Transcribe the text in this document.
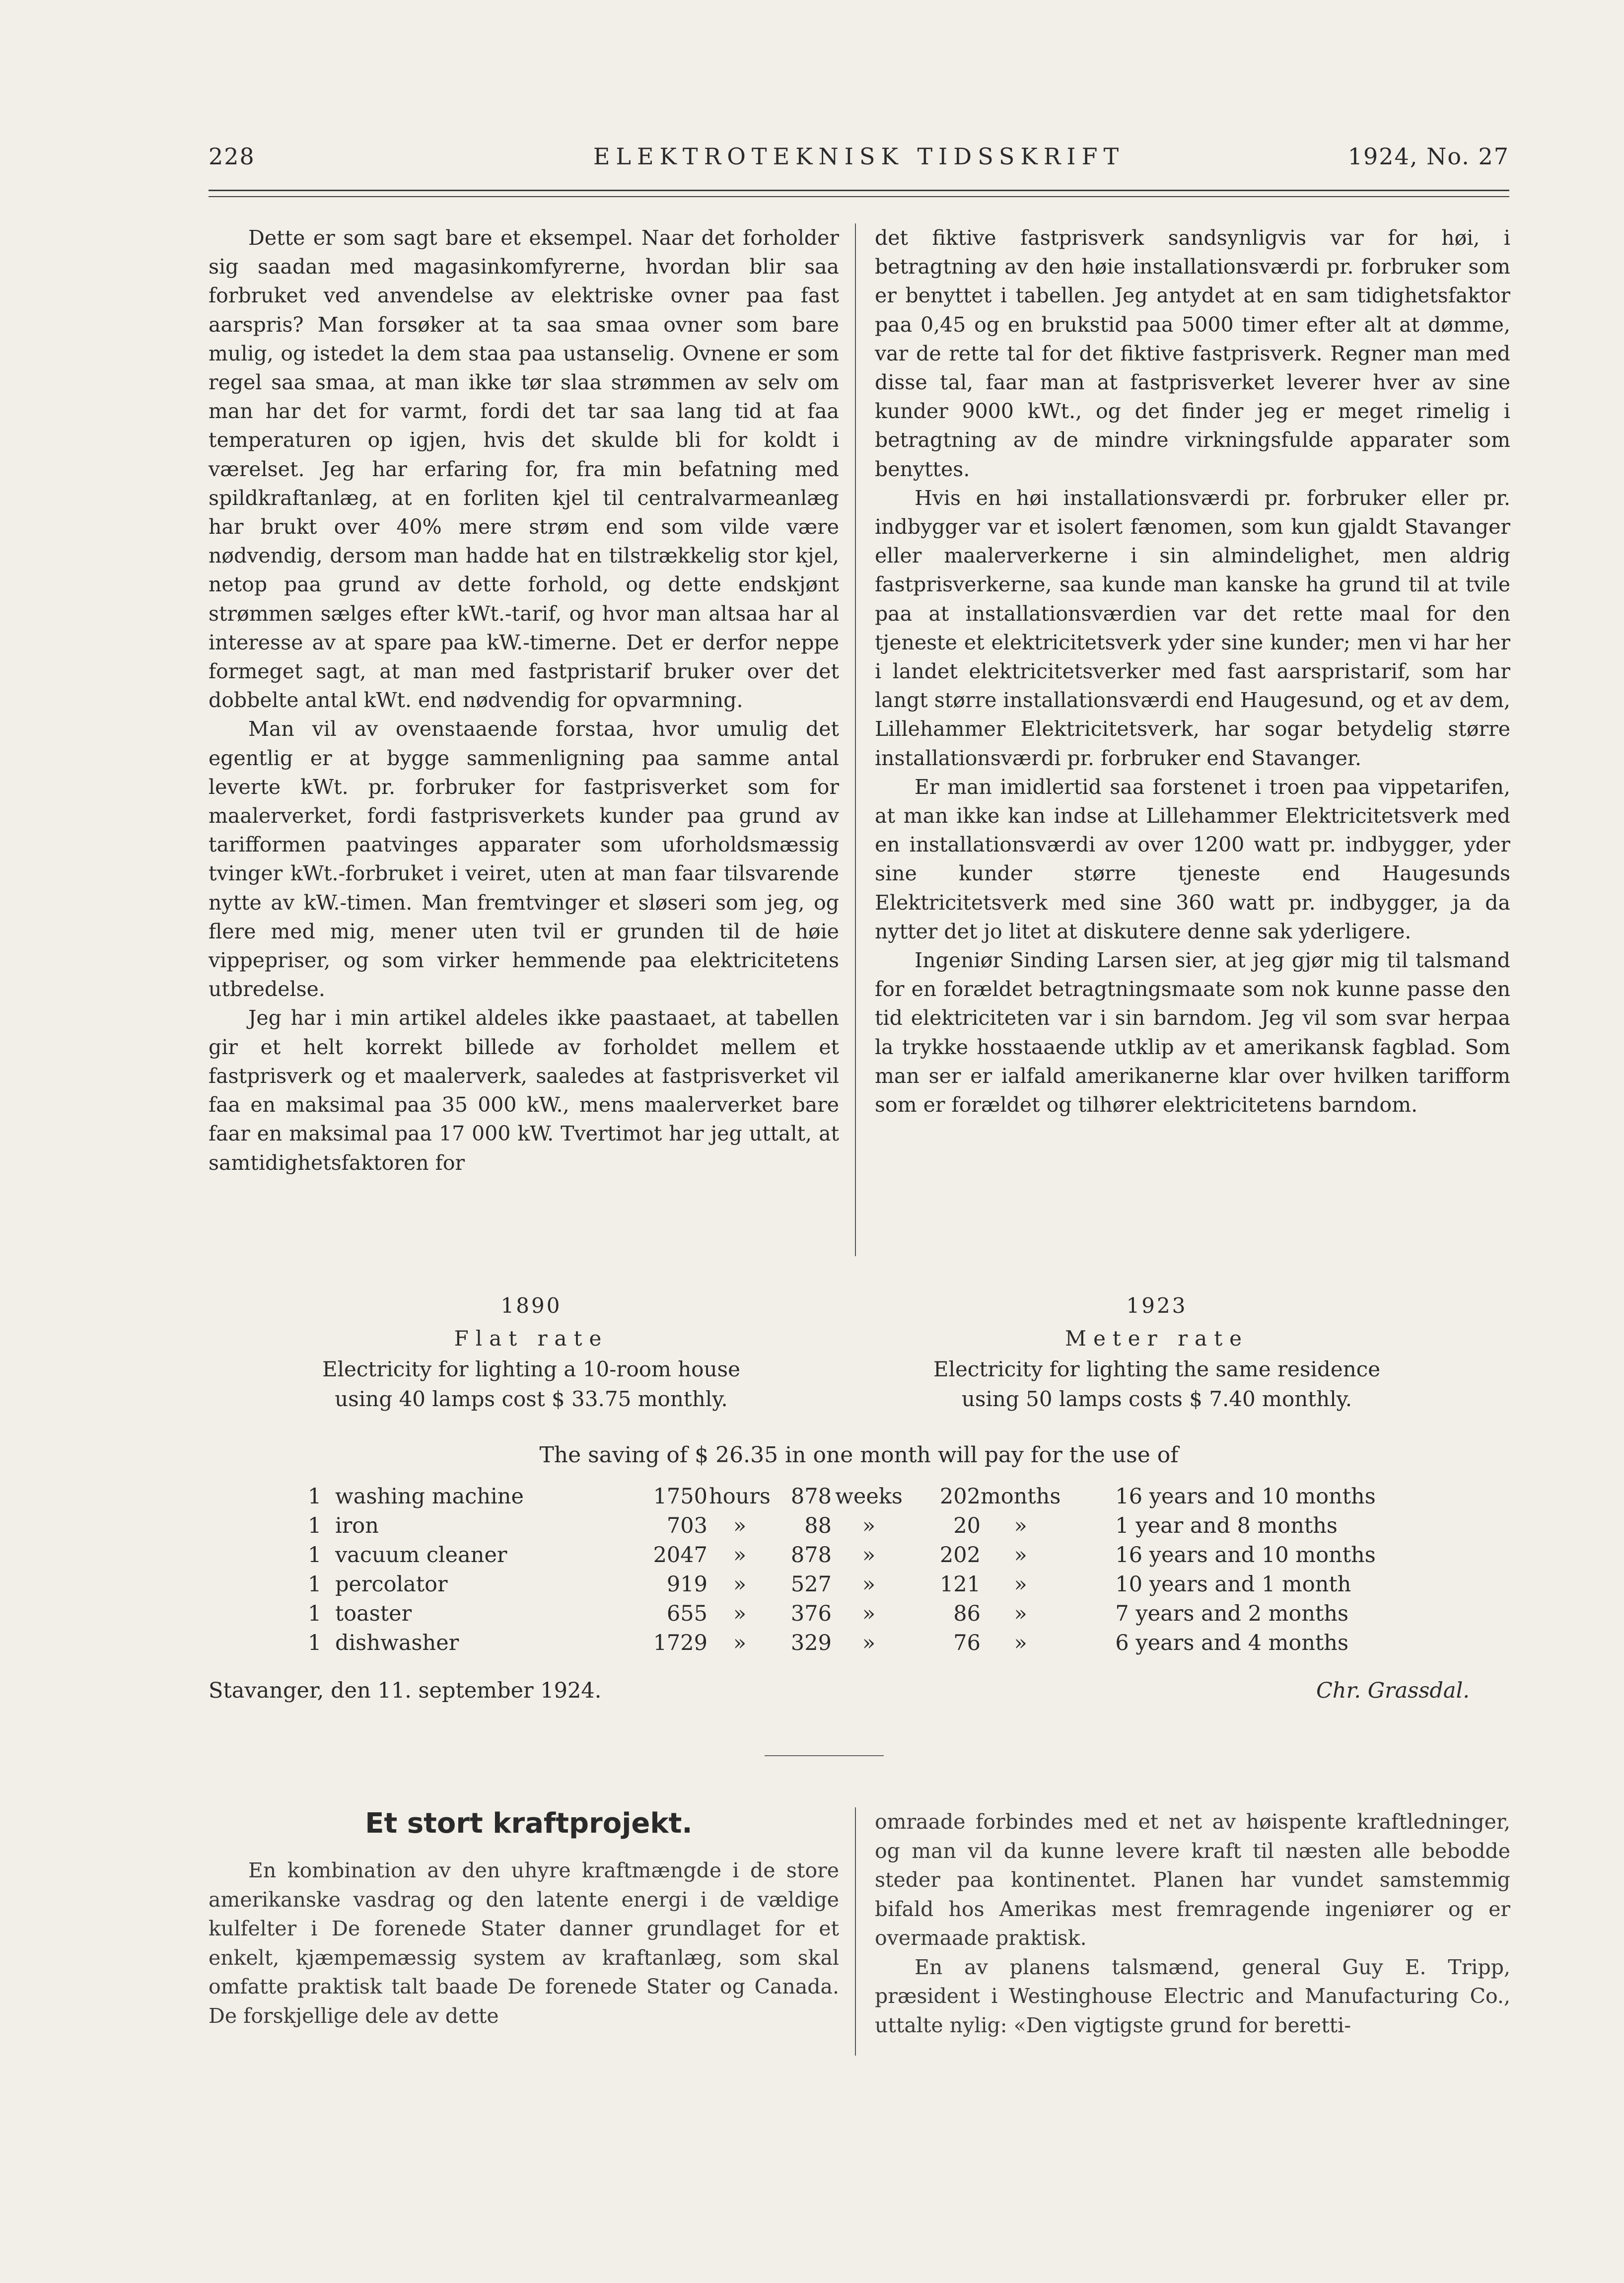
228	ELEKTROTEKNISK TIDSSKRIFT	1924, No. 27

Dette er som sagt bare et eksempel. Naar det forholder sig saadan med magasinkomfyrerne, hvordan blir saa forbruket ved anvendelse av elektriske ovner paa fast aarspris? Man forsøker at ta saa smaa ovner som bare mulig, og istedet la dem staa paa ustanselig. Ovnene er som regel saa smaa, at man ikke tør slaa strømmen av selv om man har det for varmt, fordi det tar saa lang tid at faa temperaturen op igjen, hvis det skulde bli for koldt i værelset. Jeg har erfaring for, fra min befatning med spildkraftanlæg, at en forliten kjel til centralvarmeanlæg har brukt over 40% mere strøm end som vilde være nødvendig, dersom man hadde hat en tilstrækkelig stor kjel, netop paa grund av dette forhold, og dette endskjønt strømmen sælges efter kWt.-tarif, og hvor man altsaa har al interesse av at spare paa kW.-timerne. Det er derfor neppe formeget sagt, at man med fastpristarif bruker over det dobbelte antal kWt. end nødvendig for opvarmning.

Man vil av ovenstaaende forstaa, hvor umulig det egentlig er at bygge sammenligning paa samme antal leverte kWt. pr. forbruker for fastprisverket som for maalerverket, fordi fastprisverkets kunder paa grund av tarifformen paatvinges apparater som uforholdsmæssig tvinger kWt.-forbruket i veiret, uten at man faar tilsvarende nytte av kW.-timen. Man fremtvinger et sløseri som jeg, og flere med mig, mener uten tvil er grunden til de høie vippepriser, og som virker hemmende paa elektricitetens utbredelse.

Jeg har i min artikel aldeles ikke paastaaet, at tabellen gir et helt korrekt billede av forholdet mellem et fastprisverk og et maalerverk, saaledes at fastprisverket vil faa en maksimal paa 35 000 kW., mens maalerverket bare faar en maksimal paa 17 000 kW. Tvertimot har jeg uttalt, at samtidighetsfaktoren for

det fiktive fastprisverk sandsynligvis var for høi, i betragtning av den høie installationsværdi pr. forbruker som er benyttet i tabellen. Jeg antydet at en sam tidighetsfaktor paa 0,45 og en brukstid paa 5000 timer efter alt at dømme, var de rette tal for det fiktive fastprisverk. Regner man med disse tal, faar man at fastprisverket leverer hver av sine kunder 9000 kWt., og det finder jeg er meget rimelig i betragtning av de mindre virkningsfulde apparater som benyttes.

Hvis en høi installationsværdi pr. forbruker eller pr. indbygger var et isolert fænomen, som kun gjaldt Stavanger eller maalerverkerne i sin almindelighet, men aldrig fastprisverkerne, saa kunde man kanske ha grund til at tvile paa at installationsværdien var det rette maal for den tjeneste et elektricitetsverk yder sine kunder; men vi har her i landet elektricitetsverker med fast aarspristarif, som har langt større installationsværdi end Haugesund, og et av dem, Lillehammer Elektricitetsverk, har sogar betydelig større installationsværdi pr. forbruker end Stavanger.

Er man imidlertid saa forstenet i troen paa vippetarifen, at man ikke kan indse at Lillehammer Elektricitetsverk med en installationsværdi av over 1200 watt pr. indbygger, yder sine kunder større tjeneste end Haugesunds Elektricitetsverk med sine 360 watt pr. indbygger, ja da nytter det jo litet at diskutere denne sak yderligere.

Ingeniør Sinding Larsen sier, at jeg gjør mig til talsmand for en forældet betragtningsmaate som nok kunne passe den tid elektriciteten var i sin barndom. Jeg vil som svar herpaa la trykke hosstaaende utklip av et amerikansk fagblad. Som man ser er ialfald amerikanerne klar over hvilken tarifform som er forældet og tilhører elektricitetens barndom.

1890
Flat rate
Electricity for lighting a 10-room house
using 40 lamps cost $ 33.75 monthly.
1923
Meter rate
Electricity for lighting the same residence
using 50 lamps costs $ 7.40 monthly.
The saving of $ 26.35 in one month will pay for the use of
1	washing machine	1750	hours	878	weeks	202	months	16 years and 10 months
1	iron	703	»	88	»	20	»	1 year and 8 months
1	vacuum cleaner	2047	»	878	»	202	»	16 years and 10 months
1	percolator	919	»	527	»	121	»	10 years and 1 month
1	toaster	655	»	376	»	86	»	7 years and 2 months
1	dishwasher	1729	»	329	»	76	»	6 years and 4 months
Stavanger, den 11. september 1924.	Chr. Grassdal.
Et stort kraftprojekt.

En kombination av den uhyre kraftmængde i de store amerikanske vasdrag og den latente energi i de vældige kulfelter i De forenede Stater danner grundlaget for et enkelt, kjæmpemæssig system av kraftanlæg, som skal omfatte praktisk talt baade De forenede Stater og Canada. De forskjellige dele av dette

omraade forbindes med et net av høispente kraftledninger, og man vil da kunne levere kraft til næsten alle bebodde steder paa kontinentet. Planen har vundet samstemmig bifald hos Amerikas mest fremragende ingeniører og er overmaade praktisk.

En av planens talsmænd, general Guy E. Tripp, præsident i Westinghouse Electric and Manufacturing Co., uttalte nylig: «Den vigtigste grund for beretti-
